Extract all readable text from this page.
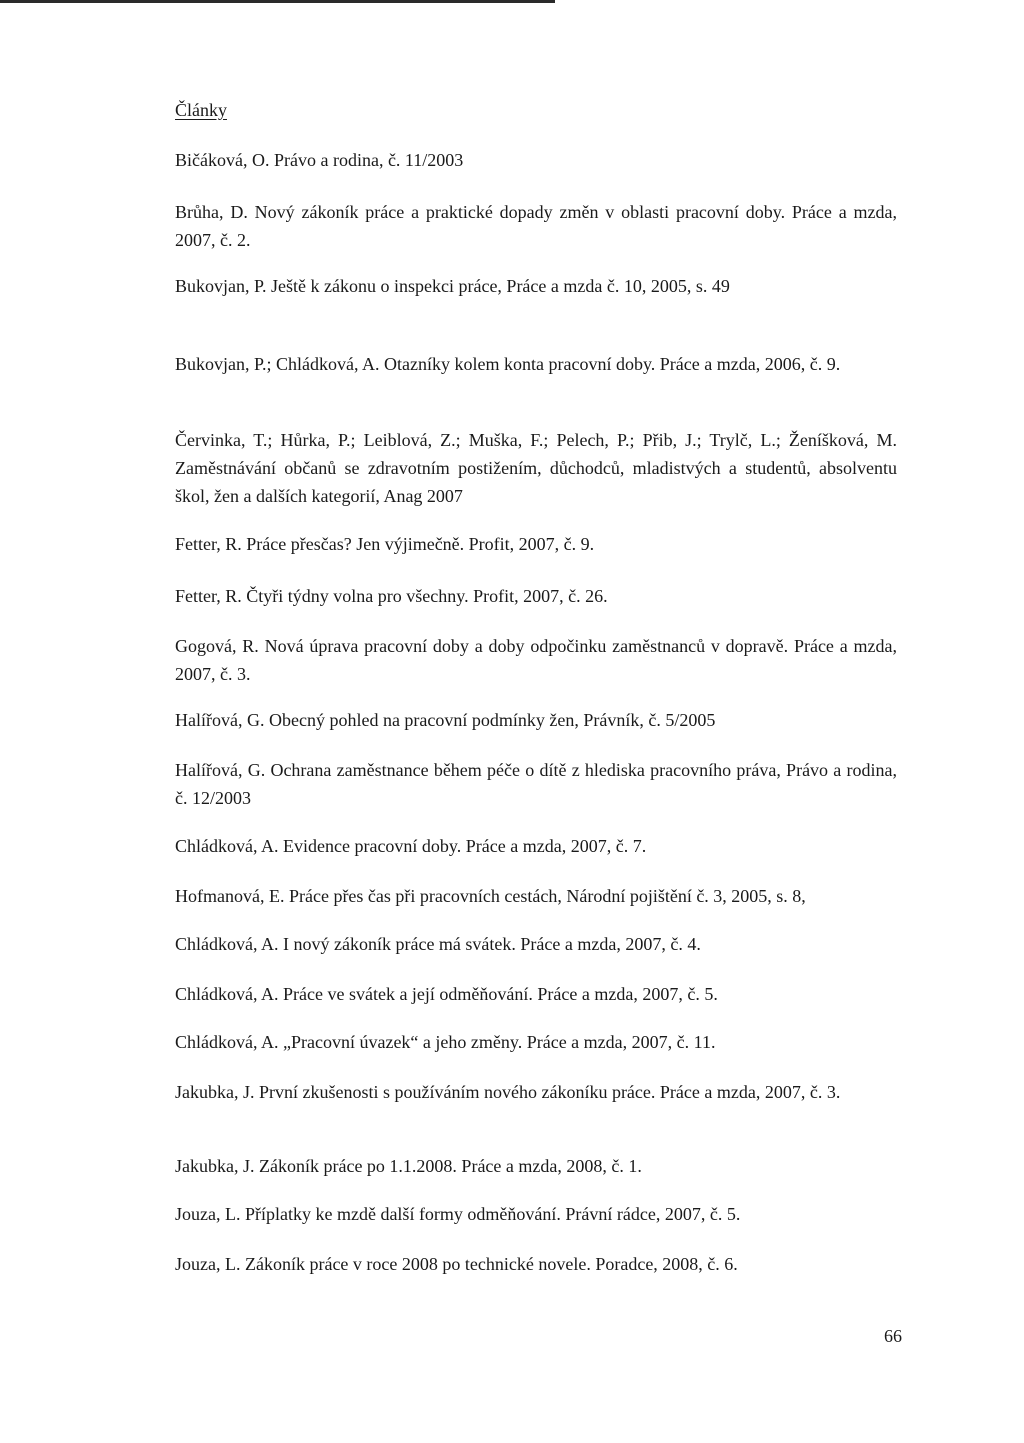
Články

Bičáková, O. Právo a rodina, č. 11/2003

Brůha, D. Nový zákoník práce a praktické dopady změn v oblasti pracovní doby. Práce a mzda, 2007, č. 2.

Bukovjan, P. Ještě k zákonu o inspekci práce, Práce a mzda č. 10, 2005, s. 49

Bukovjan, P.; Chládková, A. Otazníky kolem konta pracovní doby. Práce a mzda, 2006, č. 9.

Červinka, T.; Hůrka, P.; Leiblová, Z.; Muška, F.; Pelech, P.; Přib, J.; Trylč, L.; Ženíšková, M. Zaměstnávání občanů se zdravotním postižením, důchodců, mladistvých a studentů, absolventu škol, žen a dalších kategorií, Anag 2007

Fetter, R. Práce přesčas? Jen výjimečně. Profit, 2007, č. 9.

Fetter, R. Čtyři týdny volna pro všechny. Profit, 2007, č. 26.

Gogová, R. Nová úprava pracovní doby a doby odpočinku zaměstnanců v dopravě. Práce a mzda, 2007, č. 3.

Halířová, G. Obecný pohled na pracovní podmínky žen, Právník, č. 5/2005

Halířová, G. Ochrana zaměstnance během péče o dítě z hlediska pracovního práva, Právo a rodina, č. 12/2003

Chládková, A. Evidence pracovní doby. Práce a mzda, 2007, č. 7.

Hofmanová, E. Práce přes čas při pracovních cestách, Národní pojištění č. 3, 2005, s. 8,

Chládková, A. I nový zákoník práce má svátek. Práce a mzda, 2007, č. 4.

Chládková, A. Práce ve svátek a její odměňování. Práce a mzda, 2007, č. 5.

Chládková, A. „Pracovní úvazek“ a jeho změny. Práce a mzda, 2007, č. 11.

Jakubka, J. První zkušenosti s používáním nového zákoníku práce. Práce a mzda, 2007, č. 3.

Jakubka, J. Zákoník práce po 1.1.2008. Práce a mzda, 2008, č. 1.

Jouza, L. Příplatky ke mzdě další formy odměňování. Právní rádce, 2007, č. 5.

Jouza, L. Zákoník práce v roce 2008 po technické novele. Poradce, 2008, č. 6.

66
